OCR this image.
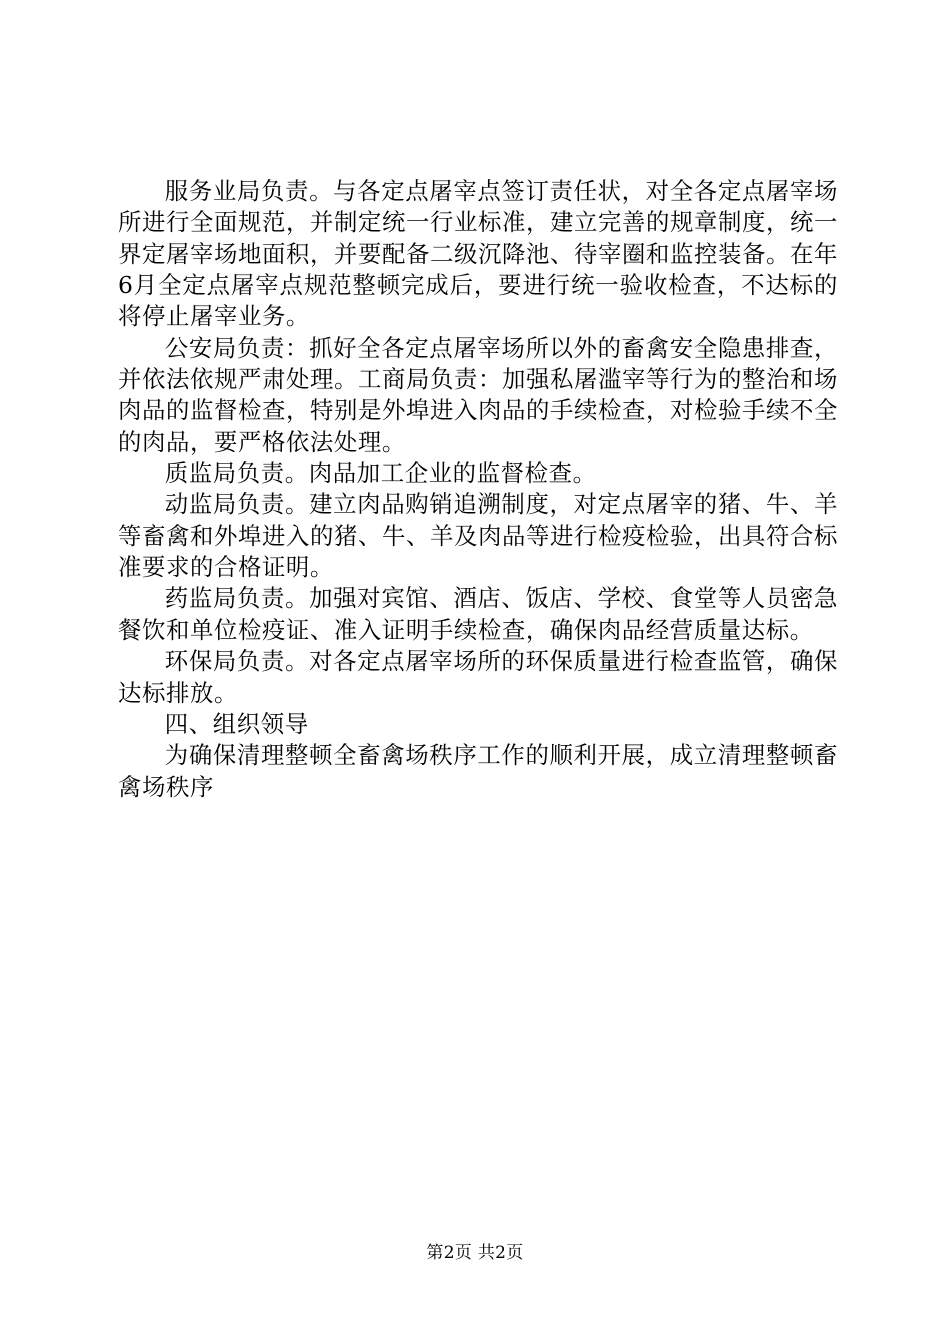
服务业局负责。与各定点屠宰点签订责任状，对全各定点屠宰场所进行全面规范，并制定统一行业标准，建立完善的规章制度，统一界定屠宰场地面积，并要配备二级沉降池、待宰圈和监控装备。在年6月全定点屠宰点规范整顿完成后，要进行统一验收检查，不达标的将停止屠宰业务。

公安局负责：抓好全各定点屠宰场所以外的畜禽安全隐患排查，并依法依规严肃处理。工商局负责：加强私屠滥宰等行为的整治和场肉品的监督检查，特别是外埠进入肉品的手续检查，对检验手续不全的肉品，要严格依法处理。

质监局负责。肉品加工企业的监督检查。

动监局负责。建立肉品购销追溯制度，对定点屠宰的猪、牛、羊等畜禽和外埠进入的猪、牛、羊及肉品等进行检疫检验，出具符合标准要求的合格证明。

药监局负责。加强对宾馆、酒店、饭店、学校、食堂等人员密急餐饮和单位检疫证、准入证明手续检查，确保肉品经营质量达标。

环保局负责。对各定点屠宰场所的环保质量进行检查监管，确保达标排放。

四、组织领导

为确保清理整顿全畜禽场秩序工作的顺利开展，成立清理整顿畜禽场秩序

第2页 共2页
